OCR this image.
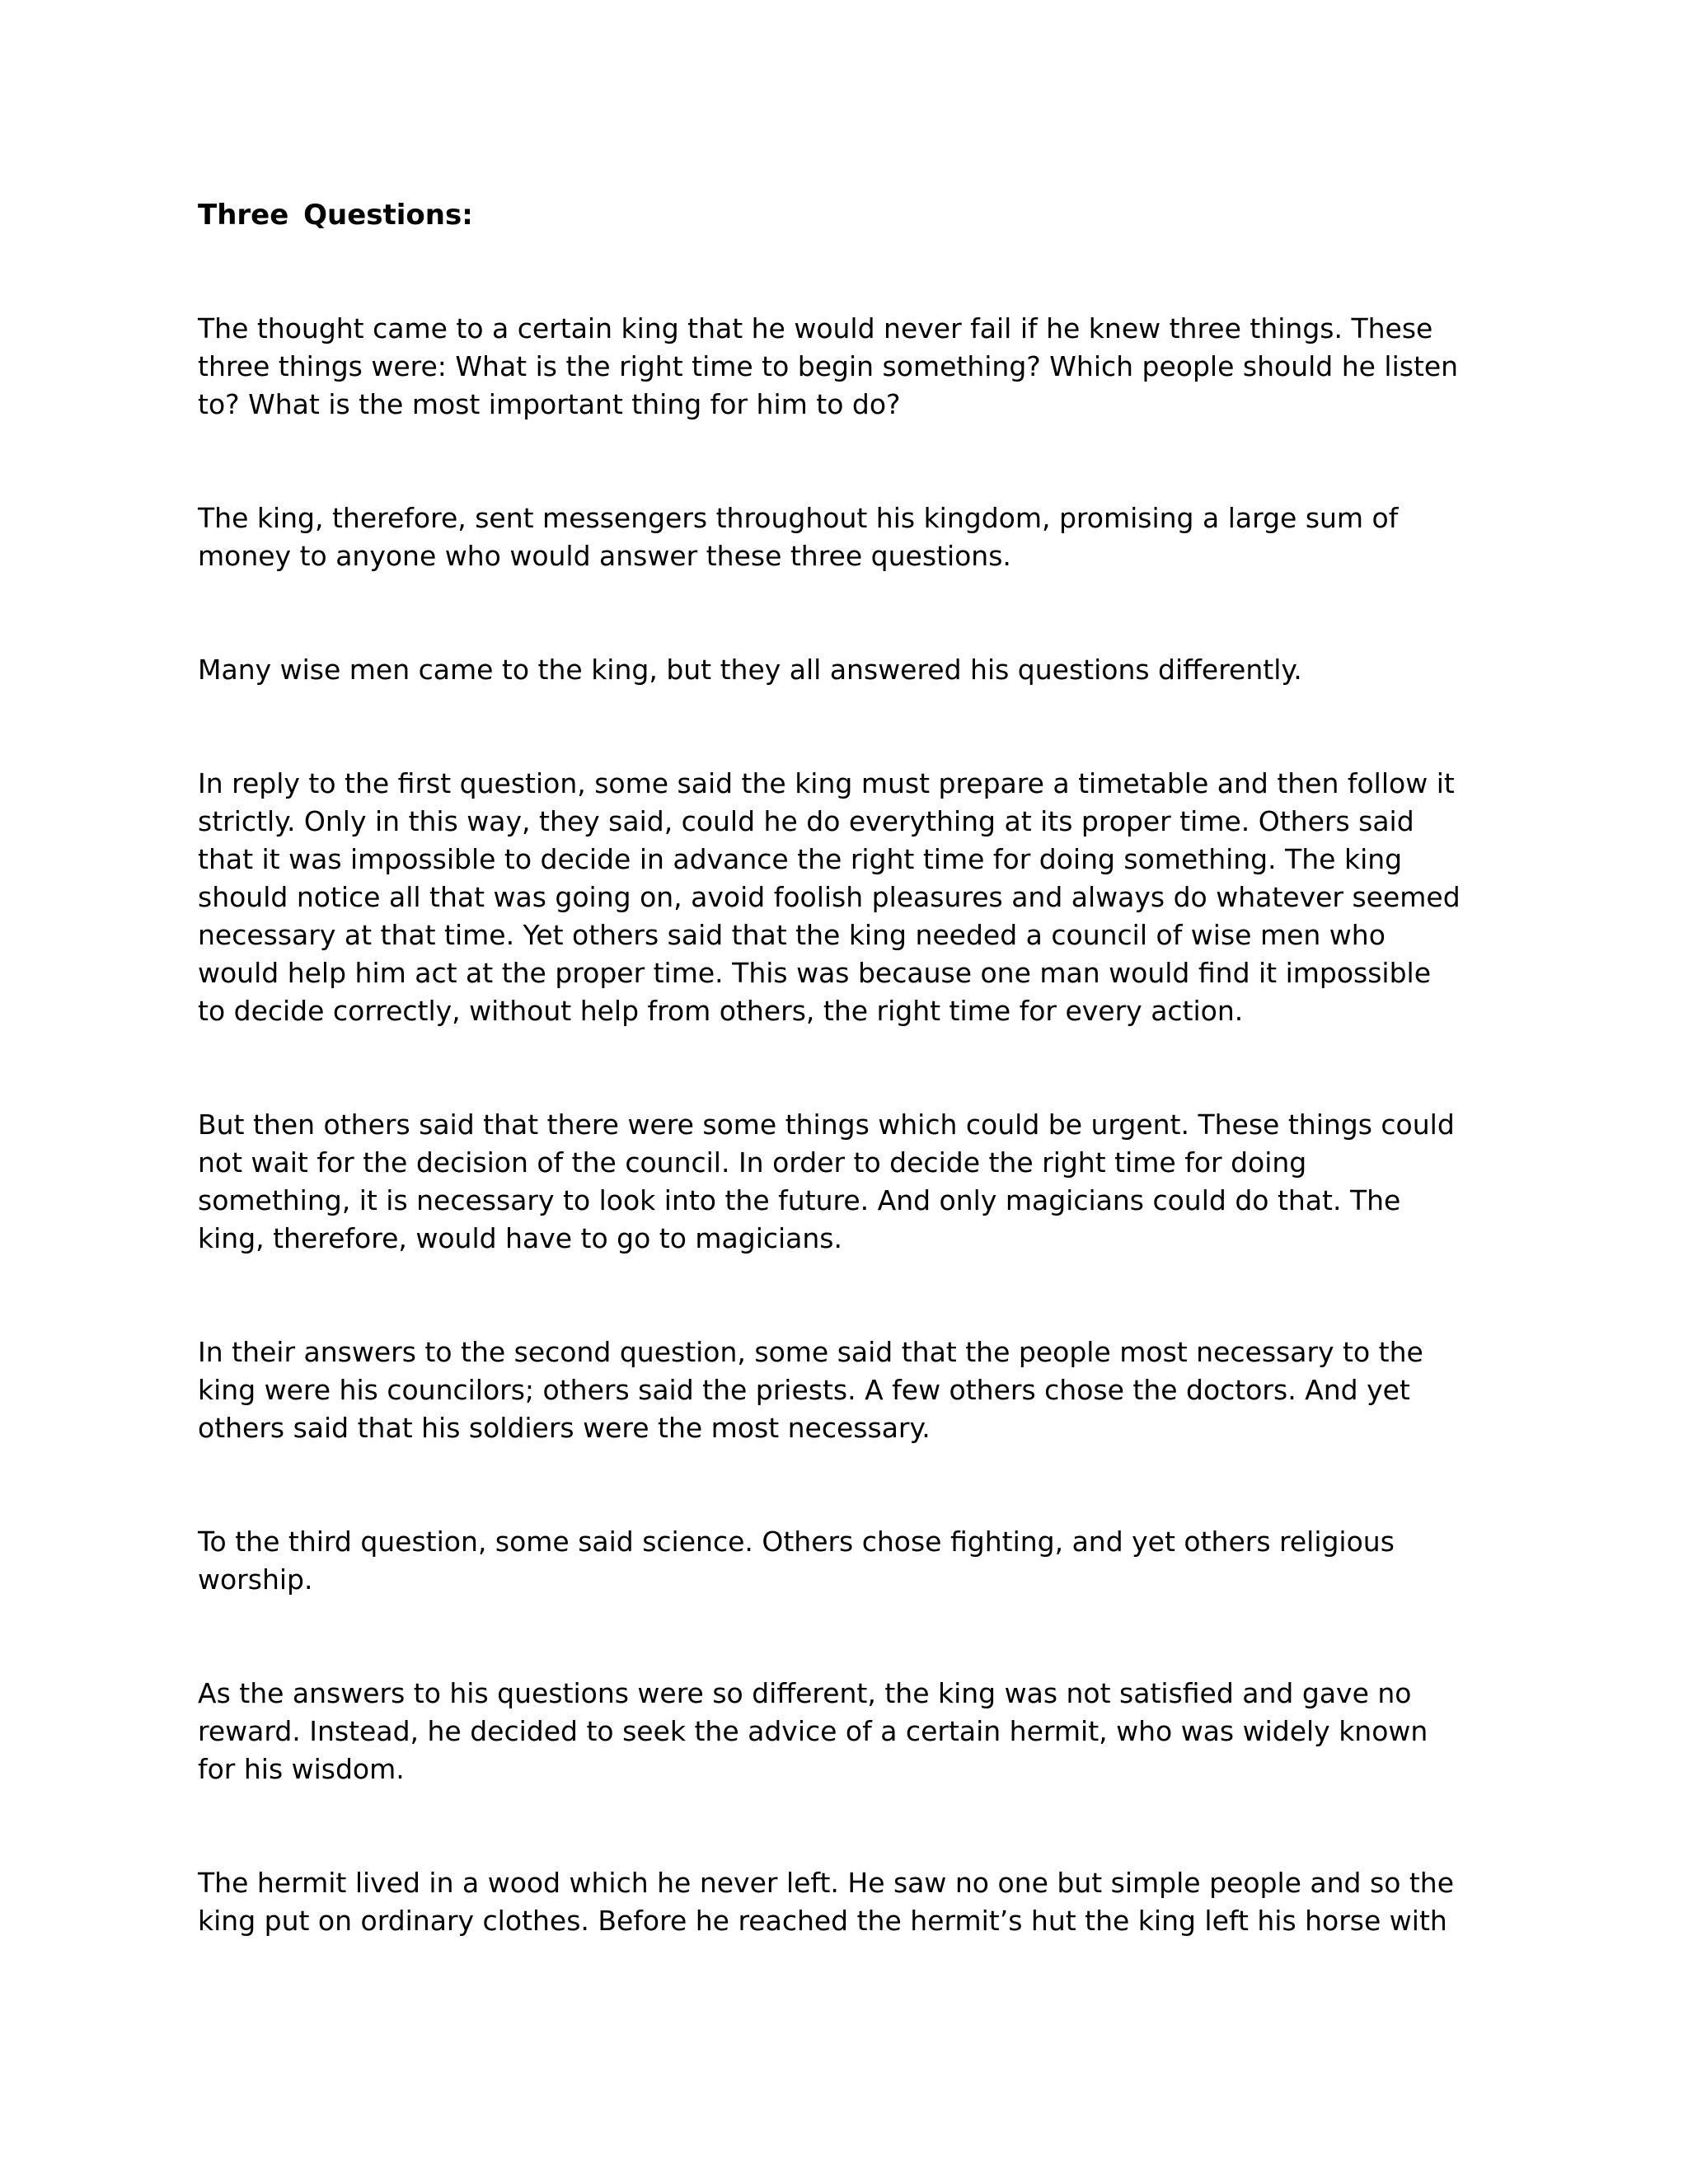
Three Questions:

The thought came to a certain king that he would never fail if he knew three things. These
three things were: What is the right time to begin something? Which people should he listen
to? What is the most important thing for him to do?

The king, therefore, sent messengers throughout his kingdom, promising a large sum of
money to anyone who would answer these three questions.

Many wise men came to the king, but they all answered his questions differently.

In reply to the first question, some said the king must prepare a timetable and then follow it
strictly. Only in this way, they said, could he do everything at its proper time. Others said
that it was impossible to decide in advance the right time for doing something. The king
should notice all that was going on, avoid foolish pleasures and always do whatever seemed
necessary at that time. Yet others said that the king needed a council of wise men who
would help him act at the proper time. This was because one man would find it impossible
to decide correctly, without help from others, the right time for every action.

But then others said that there were some things which could be urgent. These things could
not wait for the decision of the council. In order to decide the right time for doing
something, it is necessary to look into the future. And only magicians could do that. The
king, therefore, would have to go to magicians.

In their answers to the second question, some said that the people most necessary to the
king were his councilors; others said the priests. A few others chose the doctors. And yet
others said that his soldiers were the most necessary.

To the third question, some said science. Others chose fighting, and yet others religious
worship.

As the answers to his questions were so different, the king was not satisfied and gave no
reward. Instead, he decided to seek the advice of a certain hermit, who was widely known
for his wisdom.

The hermit lived in a wood which he never left. He saw no one but simple people and so the
king put on ordinary clothes. Before he reached the hermit’s hut the king left his horse with
